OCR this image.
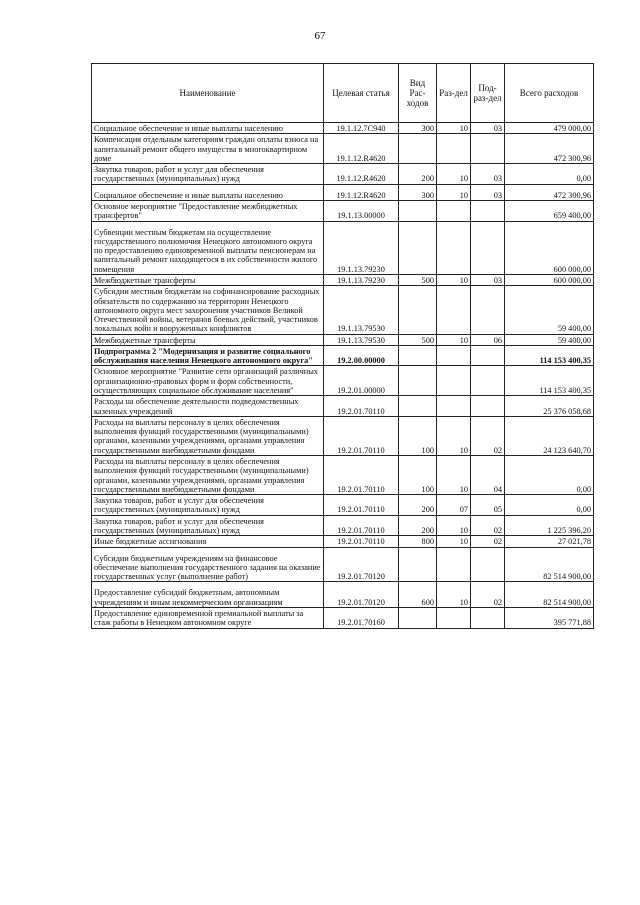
67
Наименование	Целевая статья	Вид Рас-ходов	Раз-дел	Под-раз-дел	Всего расходов
Социальное обеспечение и иные выплаты населению	19.1.12.7С940	300	10	03	479 000,00
Компенсация отдельным категориям граждан оплаты взноса на капитальный ремонт общего имущества в многоквартирном доме	19.1.12.R4620				472 300,96
Закупка товаров, работ и услуг для обеспечения государственных (муниципальных) нужд	19.1.12.R4620	200	10	03	0,00
Социальное обеспечение и иные выплаты населению	19.1.12.R4620	300	10	03	472 300,96
Основное мероприятие "Предоставление межбюджетных трансфертов"	19.1.13.00000				659 400,00
Субвенции местным бюджетам на осуществление государственного полномочия Ненецкого автономного округа по предоставлению единовременной выплаты пенсионерам на капитальный ремонт находящегося в их собственности жилого помещения	19.1.13.79230				600 000,00
Межбюджетные трансферты	19.1.13.79230	500	10	03	600 000,00
Субсидии местным бюджетам на софинансирование расходных обязательств по содержанию на территории Ненецкого автономного округа мест захоронения участников Великой Отечественной войны, ветеранов боевых действий, участников локальных войн и вооруженных конфликтов	19.1.13.79530				59 400,00
Межбюджетные трансферты	19.1.13.79530	500	10	06	59 400,00
Подпрограмма 2 "Модернизация и развитие социального обслуживания населения Ненецкого автономного округа"	19.2.00.00000				114 153 400,35
Основное мероприятие "Развитие сети организаций различных организационно-правовых форм и форм собственности, осуществляющих социальное обслуживание населения"	19.2.01.00000				114 153 400,35
Расходы на обеспечение деятельности подведомственных казенных учреждений	19.2.01.70110				25 376 058,68
Расходы на выплаты персоналу в целях обеспечения выполнения функций государственными (муниципальными) органами, казенными учреждениями, органами управления государственными внебюджетными фондами	19.2.01.70110	100	10	02	24 123 640,70
Расходы на выплаты персоналу в целях обеспечения выполнения функций государственными (муниципальными) органами, казенными учреждениями, органами управления государственными внебюджетными фондами	19.2.01.70110	100	10	04	0,00
Закупка товаров, работ и услуг для обеспечения государственных (муниципальных) нужд	19.2.01.70110	200	07	05	0,00
Закупка товаров, работ и услуг для обеспечения государственных (муниципальных) нужд	19.2.01.70110	200	10	02	1 225 396,20
Иные бюджетные ассигнования	19.2.01.70110	800	10	02	27 021,78
Субсидии бюджетным учреждениям на финансовое обеспечение выполнения государственного задания на оказание государственных услуг (выполнение работ)	19.2.01.70120				82 514 900,00
Предоставление субсидий бюджетным, автономным учреждениям и иным некоммерческим организациям	19.2.01.70120	600	10	02	82 514 900,00
Предоставление единовременной премиальной выплаты за стаж работы в Ненецком автономном округе	19.2.01.70160				395 771,88
